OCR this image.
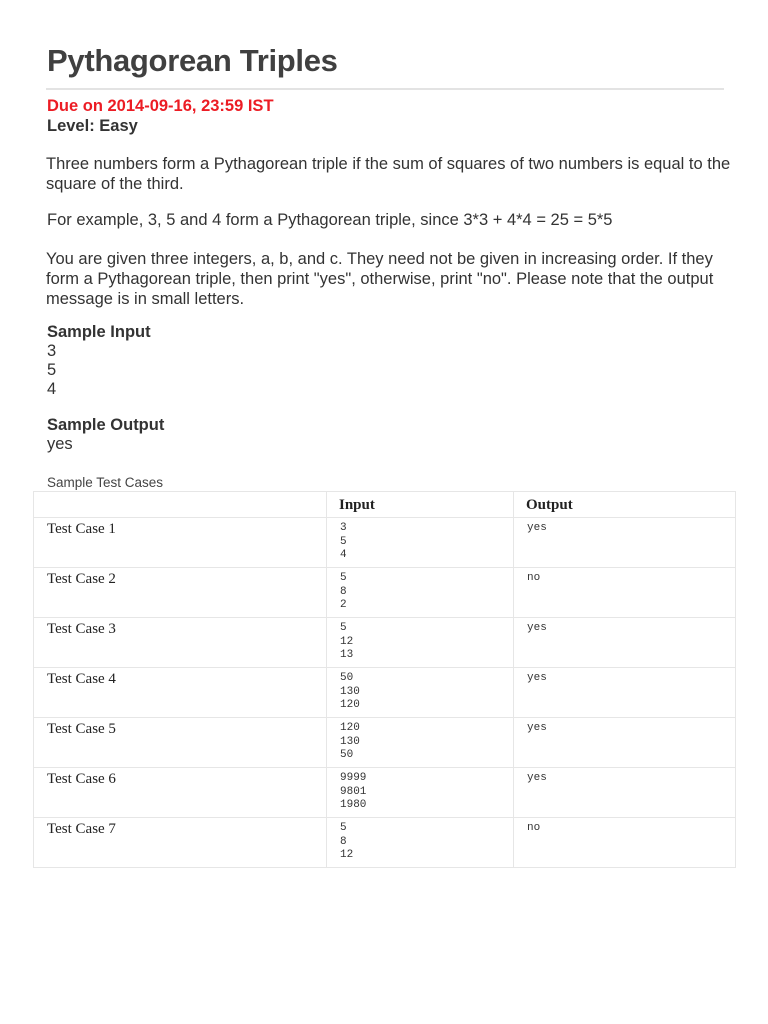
Pythagorean Triples
Due on 2014-09-16, 23:59 IST
Level: Easy

Three numbers form a Pythagorean triple if the sum of squares of two numbers is equal to the square of the third.

For example, 3, 5 and 4 form a Pythagorean triple, since 3*3 + 4*4 = 25 = 5*5

You are given three integers, a, b, and c. They need not be given in increasing order. If they form a Pythagorean triple, then print "yes", otherwise, print "no". Please note that the output message is in small letters.

Sample Input
3
5
4
Sample Output
yes
Sample Test Cases
	Input	Output
Test Case 1	3
5
4	yes
Test Case 2	5
8
2	no
Test Case 3	5
12
13	yes
Test Case 4	50
130
120	yes
Test Case 5	120
130
50	yes
Test Case 6	9999
9801
1980	yes
Test Case 7	5
8
12	no
